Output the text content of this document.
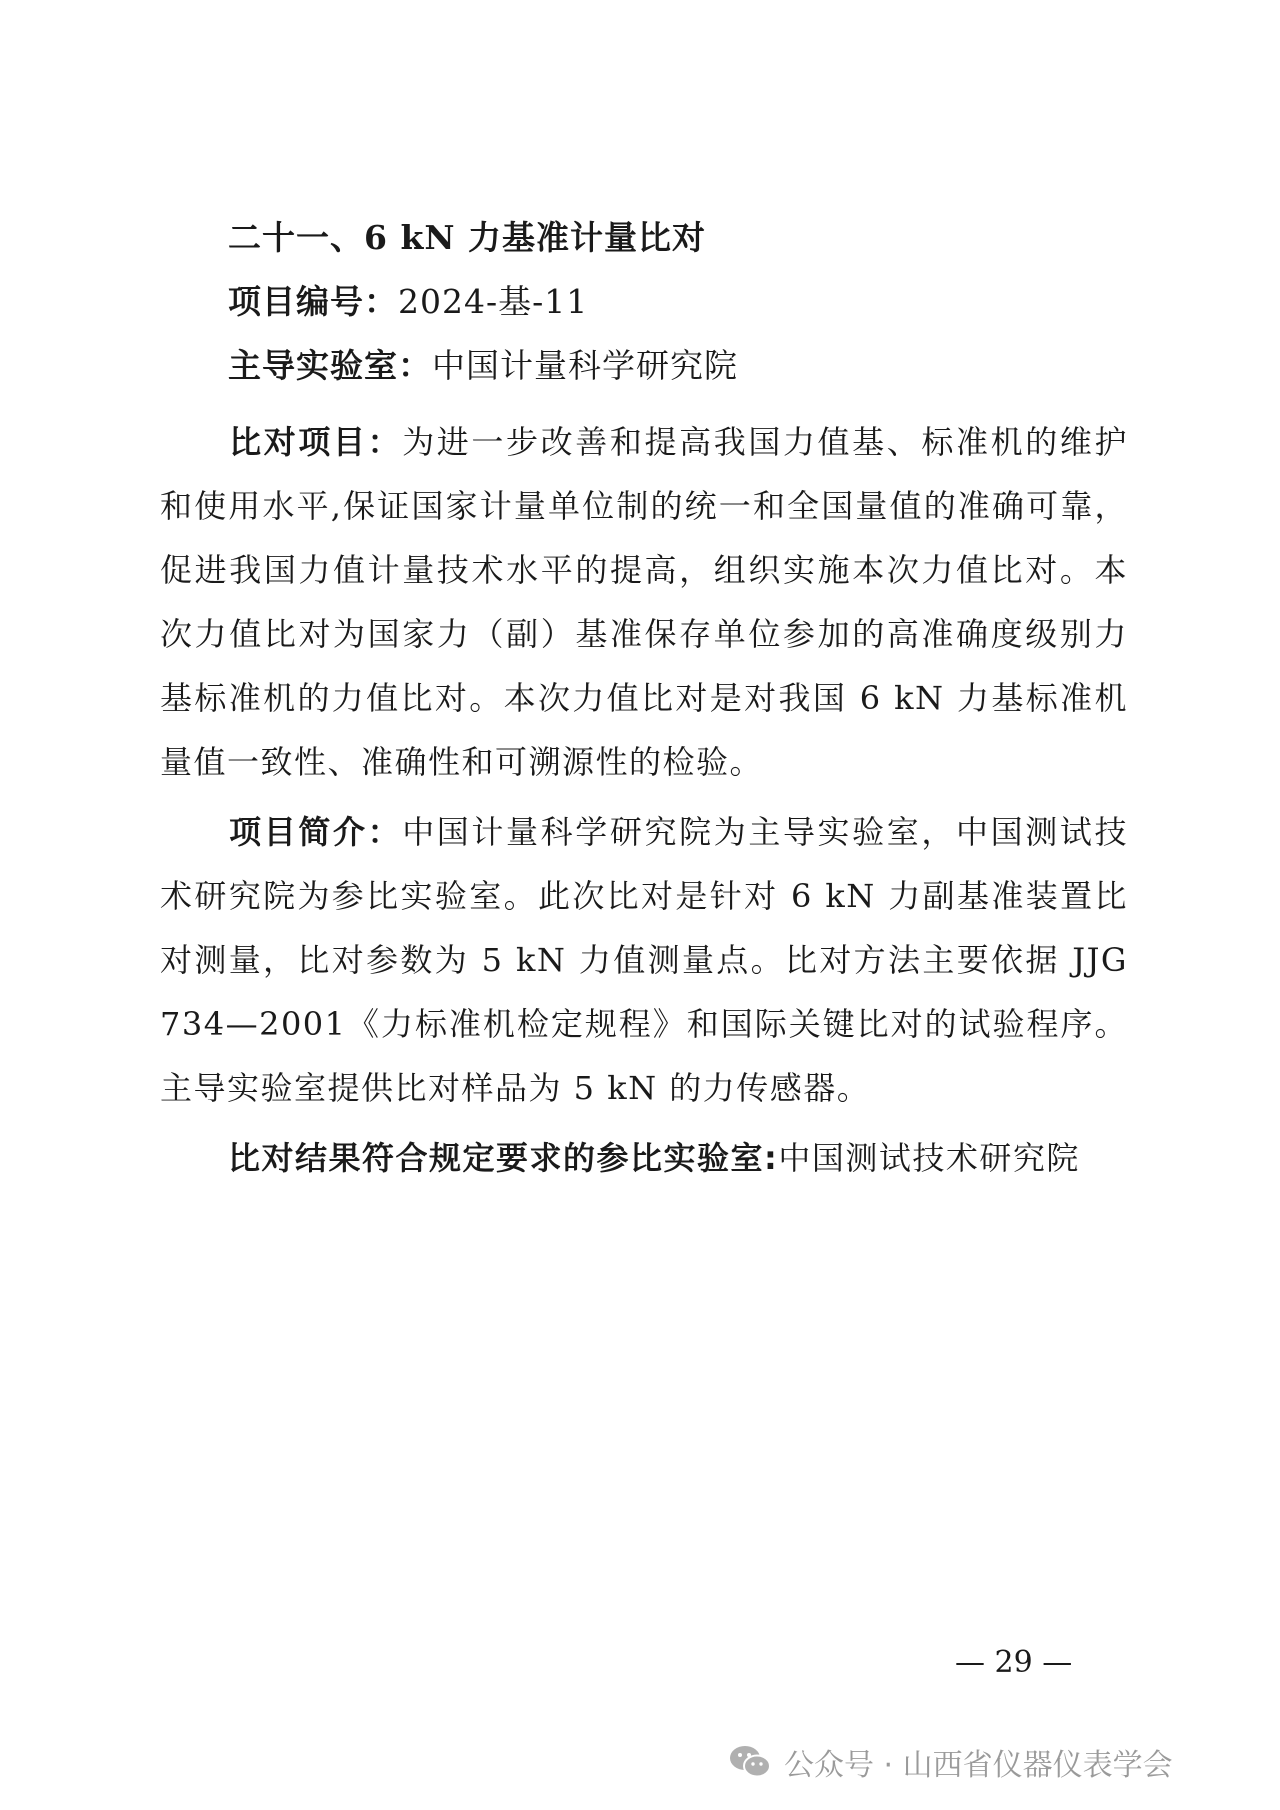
二十一、6 kN 力基准计量比对
项目编号：2024-基-11
主导实验室：中国计量科学研究院

比对项目：为进一步改善和提高我国力值基、标准机的维护和使用水平,保证国家计量单位制的统一和全国量值的准确可靠，促进我国力值计量技术水平的提高，组织实施本次力值比对。本次力值比对为国家力（副）基准保存单位参加的高准确度级别力基标准机的力值比对。本次力值比对是对我国 6 kN 力基标准机量值一致性、准确性和可溯源性的检验。

项目简介：中国计量科学研究院为主导实验室，中国测试技术研究院为参比实验室。此次比对是针对 6 kN 力副基准装置比对测量，比对参数为 5 kN 力值测量点。比对方法主要依据 JJG 734—2001《力标准机检定规程》和国际关键比对的试验程序。主导实验室提供比对样品为 5 kN 的力传感器。

比对结果符合规定要求的参比实验室:中国测试技术研究院

— 29 —
公众号 · 山西省仪器仪表学会
